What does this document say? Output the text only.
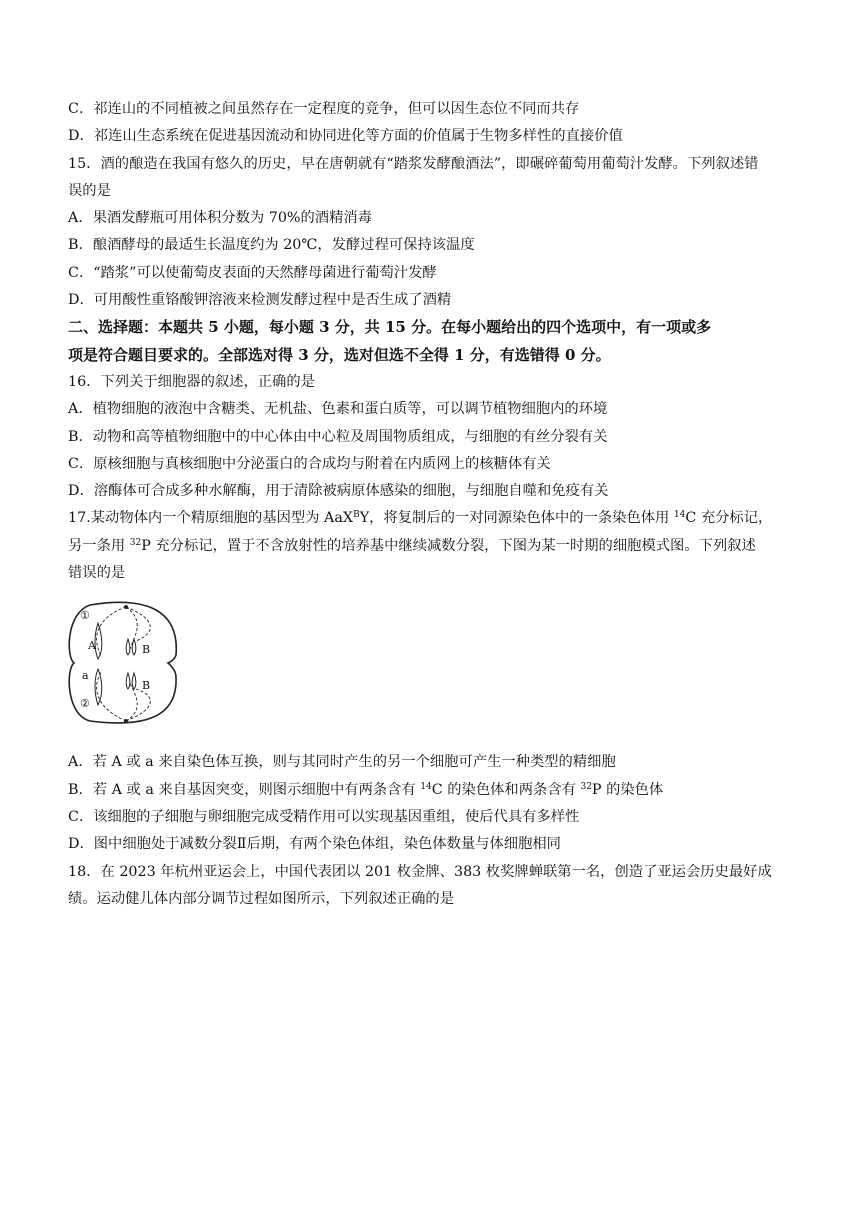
C．祁连山的不同植被之间虽然存在一定程度的竞争，但可以因生态位不同而共存

D．祁连山生态系统在促进基因流动和协同进化等方面的价值属于生物多样性的直接价值

15．酒的酿造在我国有悠久的历史，早在唐朝就有“踏浆发酵酿酒法”，即碾碎葡萄用葡萄汁发酵。下列叙述错

误的是

A．果酒发酵瓶可用体积分数为 70%的酒精消毒

B．酿酒酵母的最适生长温度约为 20℃，发酵过程可保持该温度

C．“踏浆”可以使葡萄皮表面的天然酵母菌进行葡萄汁发酵

D．可用酸性重铬酸钾溶液来检测发酵过程中是否生成了酒精

二、选择题：本题共 5 小题，每小题 3 分，共 15 分。在每小题给出的四个选项中，有一项或多

项是符合题目要求的。全部选对得 3 分，选对但选不全得 1 分，有选错得 0 分。

16．下列关于细胞器的叙述，正确的是

A．植物细胞的液泡中含糖类、无机盐、色素和蛋白质等，可以调节植物细胞内的环境

B．动物和高等植物细胞中的中心体由中心粒及周围物质组成，与细胞的有丝分裂有关

C．原核细胞与真核细胞中分泌蛋白的合成均与附着在内质网上的核糖体有关

D．溶酶体可合成多种水解酶，用于清除被病原体感染的细胞，与细胞自噬和免疫有关

17.某动物体内一个精原细胞的基因型为 AaX$^B$Y，将复制后的一对同源染色体中的一条染色体用 $^{14}$C 充分标记，

另一条用 $^{32}$P 充分标记，置于不含放射性的培养基中继续减数分裂，下图为某一时期的细胞模式图。下列叙述

错误的是

①
A
a
②
B
B

A．若 A 或 a 来自染色体互换，则与其同时产生的另一个细胞可产生一种类型的精细胞

B．若 A 或 a 来自基因突变，则图示细胞中有两条含有 $^{14}$C 的染色体和两条含有 $^{32}$P 的染色体

C．该细胞的子细胞与卵细胞完成受精作用可以实现基因重组，使后代具有多样性

D．图中细胞处于减数分裂Ⅱ后期，有两个染色体组，染色体数量与体细胞相同

18．在 2023 年杭州亚运会上，中国代表团以 201 枚金牌、383 枚奖牌蝉联第一名，创造了亚运会历史最好成

绩。运动健儿体内部分调节过程如图所示，下列叙述正确的是
